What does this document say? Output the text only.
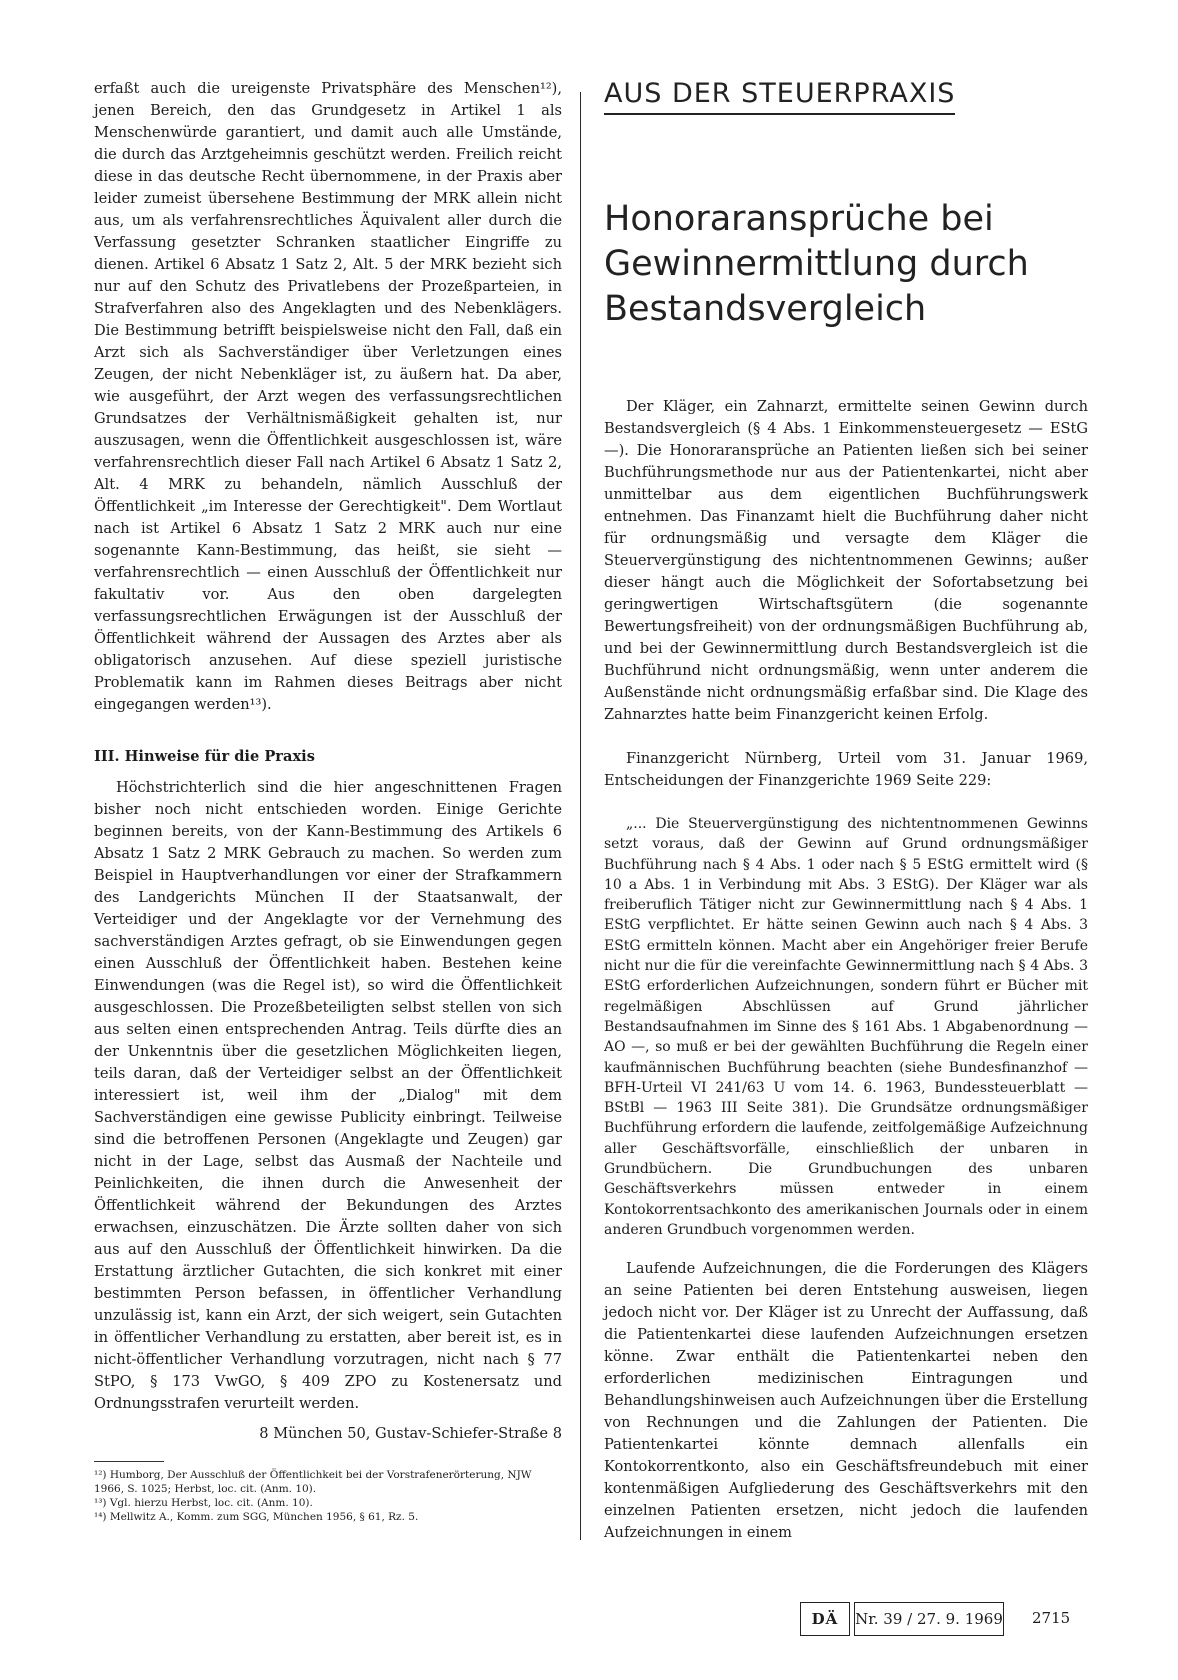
erfaßt auch die ureigenste Privatsphäre des Menschen¹²), jenen Bereich, den das Grundgesetz in Artikel 1 als Menschenwürde garantiert, und damit auch alle Umstände, die durch das Arztgeheimnis geschützt werden. Freilich reicht diese in das deutsche Recht übernommene, in der Praxis aber leider zumeist übersehene Bestimmung der MRK allein nicht aus, um als verfahrensrechtliches Äquivalent aller durch die Verfassung gesetzter Schranken staatlicher Eingriffe zu dienen. Artikel 6 Absatz 1 Satz 2, Alt. 5 der MRK bezieht sich nur auf den Schutz des Privatlebens der Prozeßparteien, in Strafverfahren also des Angeklagten und des Nebenklägers. Die Bestimmung betrifft beispielsweise nicht den Fall, daß ein Arzt sich als Sachverständiger über Verletzungen eines Zeugen, der nicht Nebenkläger ist, zu äußern hat. Da aber, wie ausgeführt, der Arzt wegen des verfassungsrechtlichen Grundsatzes der Verhältnismäßigkeit gehalten ist, nur auszusagen, wenn die Öffentlichkeit ausgeschlossen ist, wäre verfahrensrechtlich dieser Fall nach Artikel 6 Absatz 1 Satz 2, Alt. 4 MRK zu behandeln, nämlich Ausschluß der Öffentlichkeit „im Interesse der Gerechtigkeit". Dem Wortlaut nach ist Artikel 6 Absatz 1 Satz 2 MRK auch nur eine sogenannte Kann-Bestimmung, das heißt, sie sieht — verfahrensrechtlich — einen Ausschluß der Öffentlichkeit nur fakultativ vor. Aus den oben dargelegten verfassungsrechtlichen Erwägungen ist der Ausschluß der Öffentlichkeit während der Aussagen des Arztes aber als obligatorisch anzusehen. Auf diese speziell juristische Problematik kann im Rahmen dieses Beitrags aber nicht eingegangen werden¹³).

III. Hinweise für die Praxis

Höchstrichterlich sind die hier angeschnittenen Fragen bisher noch nicht entschieden worden. Einige Gerichte beginnen bereits, von der Kann-Bestimmung des Artikels 6 Absatz 1 Satz 2 MRK Gebrauch zu machen. So werden zum Beispiel in Hauptverhandlungen vor einer der Strafkammern des Landgerichts München II der Staatsanwalt, der Verteidiger und der Angeklagte vor der Vernehmung des sachverständigen Arztes gefragt, ob sie Einwendungen gegen einen Ausschluß der Öffentlichkeit haben. Bestehen keine Einwendungen (was die Regel ist), so wird die Öffentlichkeit ausgeschlossen. Die Prozeßbeteiligten selbst stellen von sich aus selten einen entsprechenden Antrag. Teils dürfte dies an der Unkenntnis über die gesetzlichen Möglichkeiten liegen, teils daran, daß der Verteidiger selbst an der Öffentlichkeit interessiert ist, weil ihm der „Dialog" mit dem Sachverständigen eine gewisse Publicity einbringt. Teilweise sind die betroffenen Personen (Angeklagte und Zeugen) gar nicht in der Lage, selbst das Ausmaß der Nachteile und Peinlichkeiten, die ihnen durch die Anwesenheit der Öffentlichkeit während der Bekundungen des Arztes erwachsen, einzuschätzen. Die Ärzte sollten daher von sich aus auf den Ausschluß der Öffentlichkeit hinwirken. Da die Erstattung ärztlicher Gutachten, die sich konkret mit einer bestimmten Person befassen, in öffentlicher Verhandlung unzulässig ist, kann ein Arzt, der sich weigert, sein Gutachten in öffentlicher Verhandlung zu erstatten, aber bereit ist, es in nicht-öffentlicher Verhandlung vorzutragen, nicht nach § 77 StPO, § 173 VwGO, § 409 ZPO zu Kostenersatz und Ordnungsstrafen verurteilt werden.

8 München 50, Gustav-Schiefer-Straße 8
¹²) Humborg, Der Ausschluß der Öffentlichkeit bei der Vorstrafenerörterung, NJW 1966, S. 1025; Herbst, loc. cit. (Anm. 10).
¹³) Vgl. hierzu Herbst, loc. cit. (Anm. 10).
¹⁴) Mellwitz A., Komm. zum SGG, München 1956, § 61, Rz. 5.
AUS DER STEUERPRAXIS
Honoraransprüche bei
Gewinnermittlung durch
Bestandsvergleich

Der Kläger, ein Zahnarzt, ermittelte seinen Gewinn durch Bestandsvergleich (§ 4 Abs. 1 Einkommensteuergesetz — EStG —). Die Honoraransprüche an Patienten ließen sich bei seiner Buchführungsmethode nur aus der Patientenkartei, nicht aber unmittelbar aus dem eigentlichen Buchführungswerk entnehmen. Das Finanzamt hielt die Buchführung daher nicht für ordnungsmäßig und versagte dem Kläger die Steuervergünstigung des nichtentnommenen Gewinns; außer dieser hängt auch die Möglichkeit der Sofortabsetzung bei geringwertigen Wirtschaftsgütern (die sogenannte Bewertungsfreiheit) von der ordnungsmäßigen Buchführung ab, und bei der Gewinnermittlung durch Bestandsvergleich ist die Buchführund nicht ordnungsmäßig, wenn unter anderem die Außenstände nicht ordnungsmäßig erfaßbar sind. Die Klage des Zahnarztes hatte beim Finanzgericht keinen Erfolg.

Finanzgericht Nürnberg, Urteil vom 31. Januar 1969, Entscheidungen der Finanzgerichte 1969 Seite 229:

„... Die Steuervergünstigung des nichtentnommenen Gewinns setzt voraus, daß der Gewinn auf Grund ordnungsmäßiger Buchführung nach § 4 Abs. 1 oder nach § 5 EStG ermittelt wird (§ 10 a Abs. 1 in Verbindung mit Abs. 3 EStG). Der Kläger war als freiberuflich Tätiger nicht zur Gewinnermittlung nach § 4 Abs. 1 EStG verpflichtet. Er hätte seinen Gewinn auch nach § 4 Abs. 3 EStG ermitteln können. Macht aber ein Angehöriger freier Berufe nicht nur die für die vereinfachte Gewinnermittlung nach § 4 Abs. 3 EStG erforderlichen Aufzeichnungen, sondern führt er Bücher mit regelmäßigen Abschlüssen auf Grund jährlicher Bestandsaufnahmen im Sinne des § 161 Abs. 1 Abgabenordnung — AO —, so muß er bei der gewählten Buchführung die Regeln einer kaufmännischen Buchführung beachten (siehe Bundesfinanzhof — BFH-Urteil VI 241/63 U vom 14. 6. 1963, Bundessteuerblatt — BStBl — 1963 III Seite 381). Die Grundsätze ordnungsmäßiger Buchführung erfordern die laufende, zeitfolgemäßige Aufzeichnung aller Geschäftsvorfälle, einschließlich der unbaren in Grundbüchern. Die Grundbuchungen des unbaren Geschäftsverkehrs müssen entweder in einem Kontokorrentsachkonto des amerikanischen Journals oder in einem anderen Grundbuch vorgenommen werden.

Laufende Aufzeichnungen, die die Forderungen des Klägers an seine Patienten bei deren Entstehung ausweisen, liegen jedoch nicht vor. Der Kläger ist zu Unrecht der Auffassung, daß die Patientenkartei diese laufenden Aufzeichnungen ersetzen könne. Zwar enthält die Patientenkartei neben den erforderlichen medizinischen Eintragungen und Behandlungshinweisen auch Aufzeichnungen über die Erstellung von Rechnungen und die Zahlungen der Patienten. Die Patientenkartei könnte demnach allenfalls ein Kontokorrentkonto, also ein Geschäftsfreundebuch mit einer kontenmäßigen Aufgliederung des Geschäftsverkehrs mit den einzelnen Patienten ersetzen, nicht jedoch die laufenden Aufzeichnungen in einem

DÄ	Nr. 39 / 27. 9. 1969 2715
